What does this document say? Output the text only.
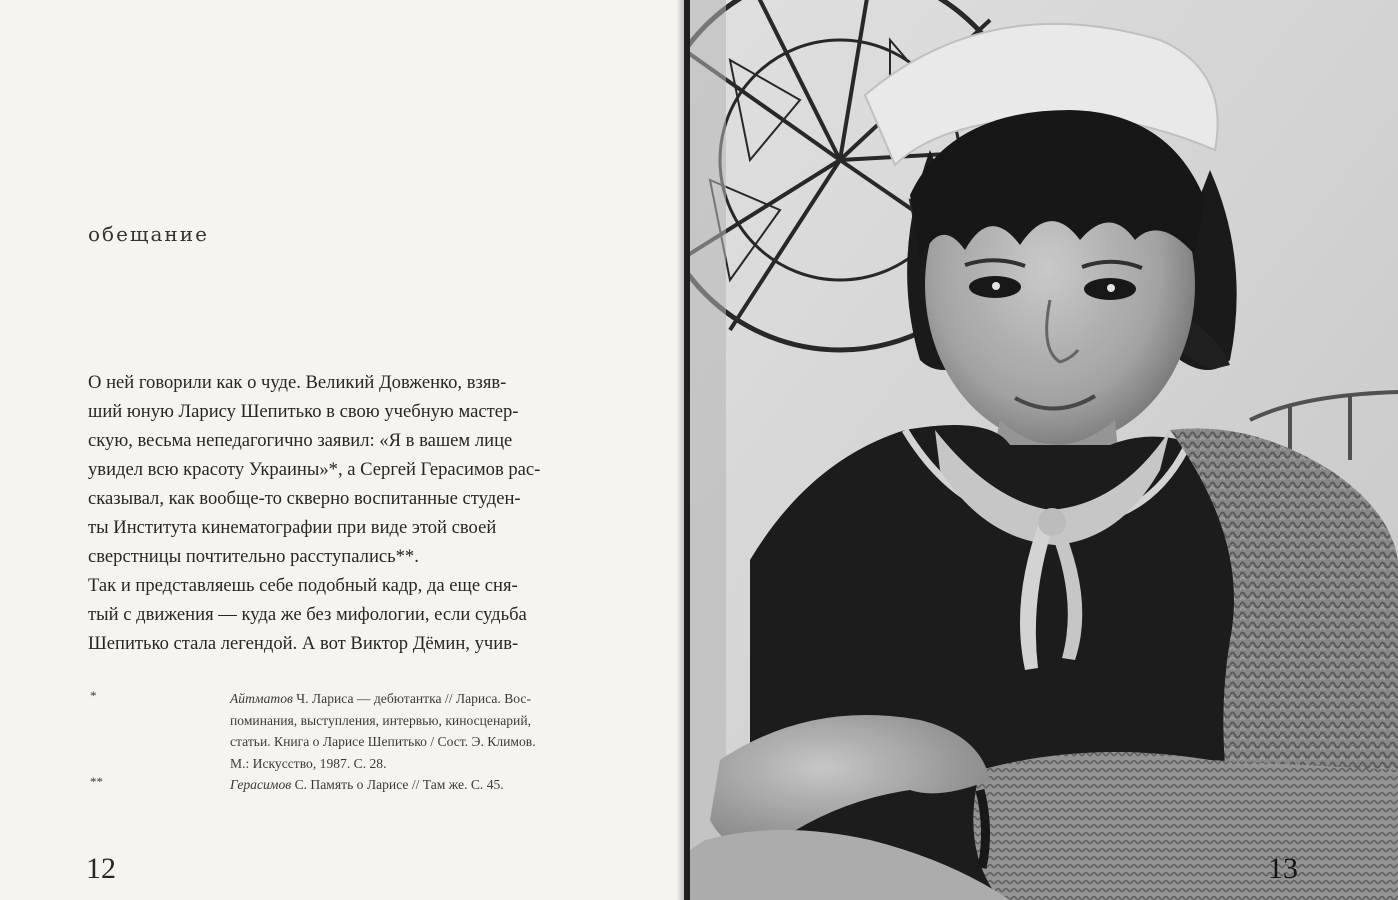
обещание
О ней говорили как о чуде. Великий Довженко, взяв-
ший юную Ларису Шепитько в свою учебную мастер-
скую, весьма непедагогично заявил: «Я в вашем лице
увидел всю красоту Украины»*, а Сергей Герасимов рас-
сказывал, как вообще-то скверно воспитанные студен-
ты Института кинематографии при виде этой своей
сверстницы почтительно расступались**.
Так и представляешь себе подобный кадр, да еще сня-
тый с движения — куда же без мифологии, если судьба
Шепитько стала легендой. А вот Виктор Дёмин, учив-
*	Айтматов Ч. Лариса — дебютантка // Лариса. Вос-
поминания, выступления, интервью, киносценарий,
статьи. Книга о Ларисе Шепитько / Сост. Э. Климов.
М.: Искусство, 1987. С. 28.
**	Герасимов С. Память о Ларисе // Там же. С. 45.
12	13
